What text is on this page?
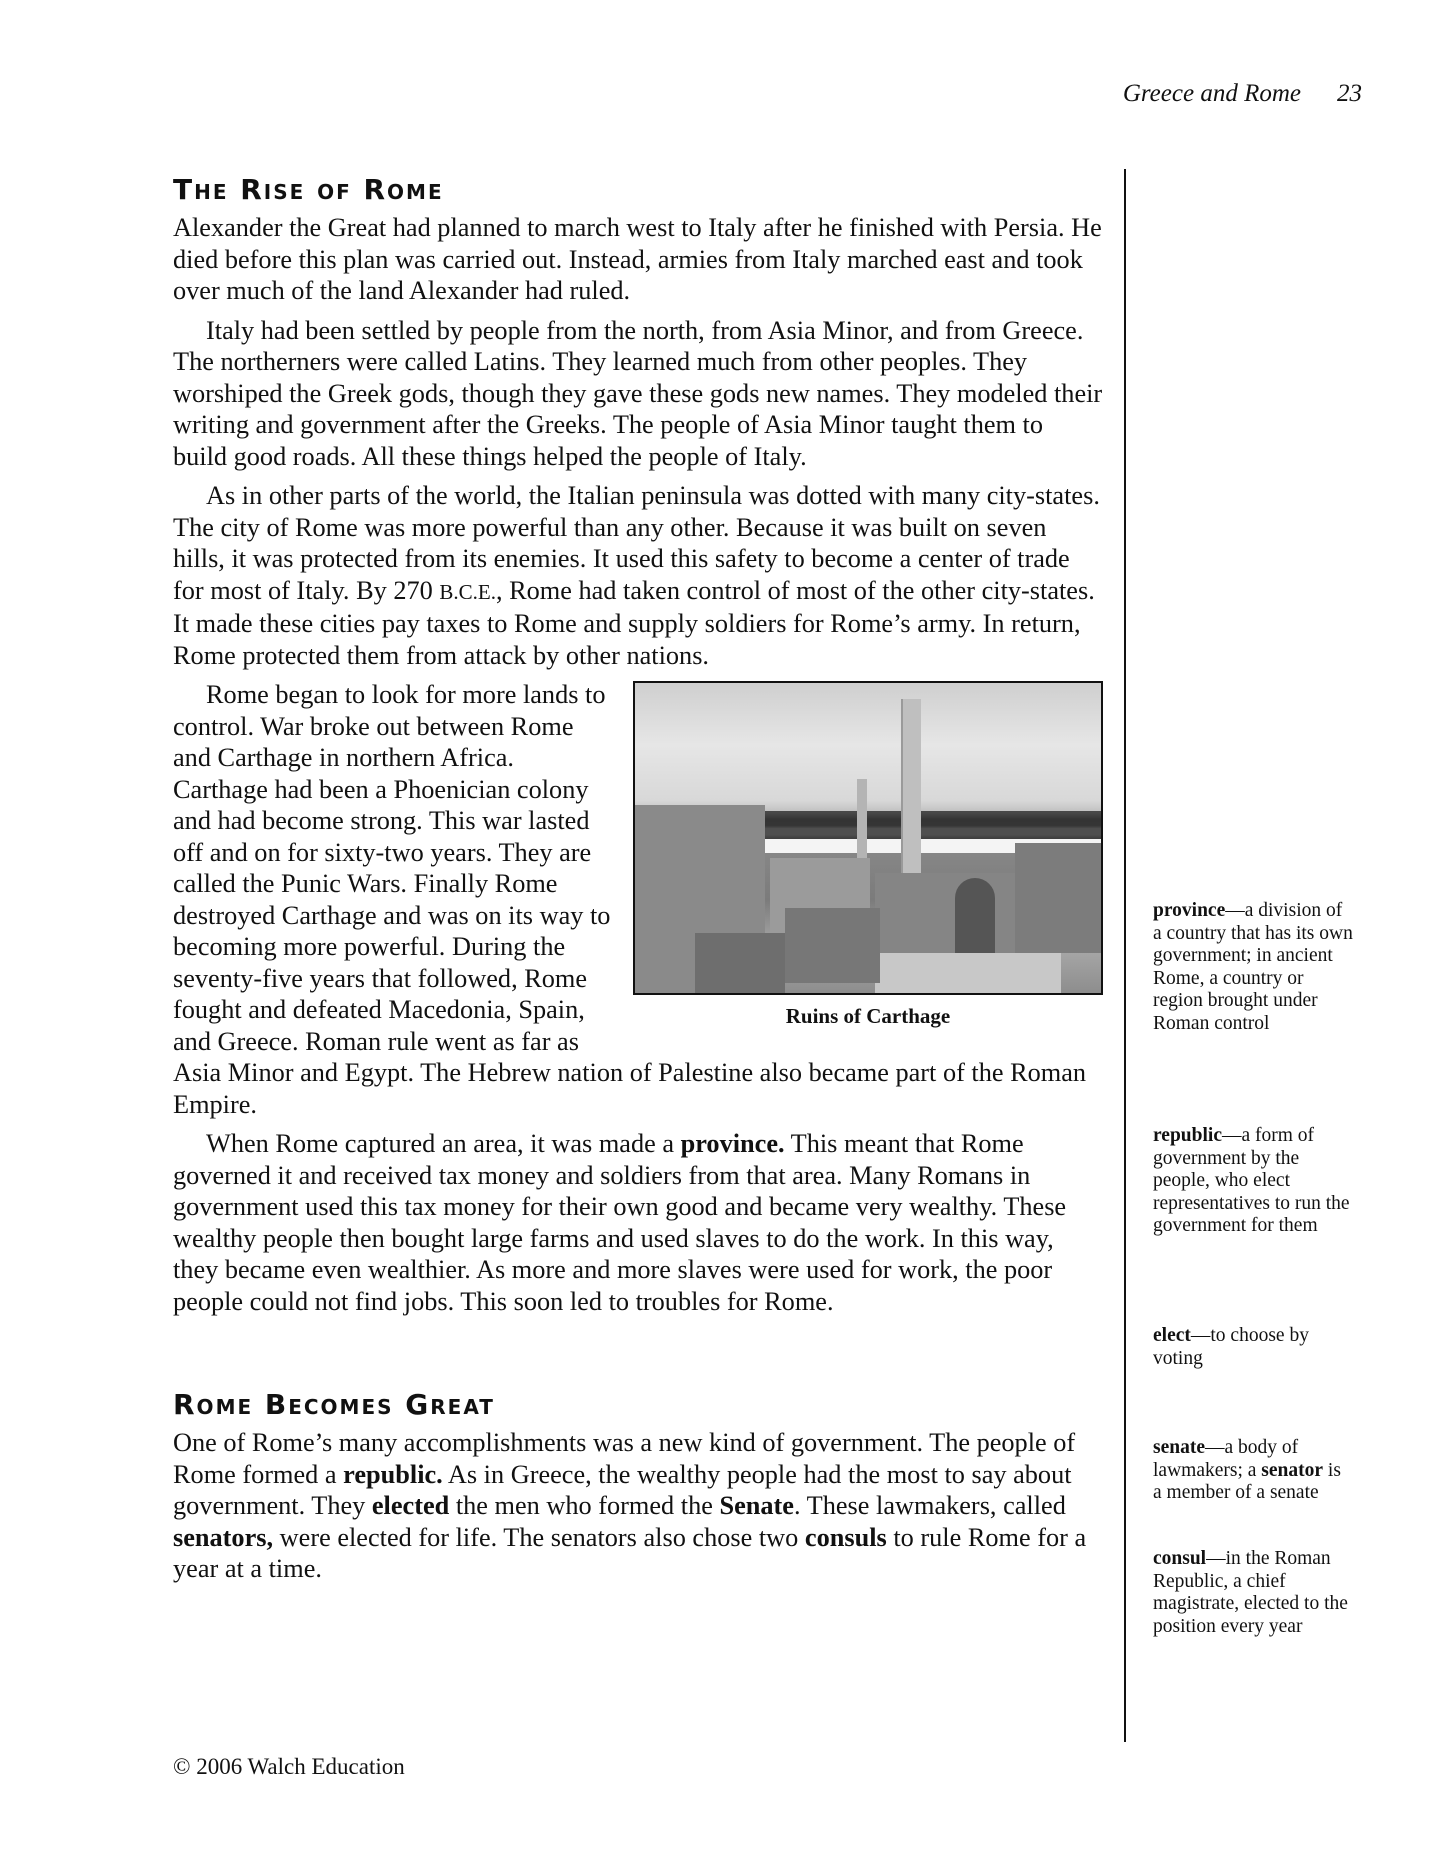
Greece and Rome 23
The Rise of Rome

Alexander the Great had planned to march west to Italy after he finished with Persia. He died before this plan was carried out. Instead, armies from Italy marched east and took over much of the land Alexander had ruled.

Italy had been settled by people from the north, from Asia Minor, and from Greece. The northerners were called Latins. They learned much from other peoples. They worshiped the Greek gods, though they gave these gods new names. They modeled their writing and government after the Greeks. The people of Asia Minor taught them to build good roads. All these things helped the people of Italy.

As in other parts of the world, the Italian peninsula was dotted with many city-states. The city of Rome was more powerful than any other. Because it was built on seven hills, it was protected from its enemies. It used this safety to become a center of trade for most of Italy. By 270 B.C.E., Rome had taken control of most of the other city-states. It made these cities pay taxes to Rome and supply soldiers for Rome’s army. In return, Rome protected them from attack by other nations.

Ruins of Carthage

Rome began to look for more lands to control. War broke out between Rome and Carthage in northern Africa. Carthage had been a Phoenician colony and had become strong. This war lasted off and on for sixty-two years. They are called the Punic Wars. Finally Rome destroyed Carthage and was on its way to becoming more powerful. During the seventy-five years that followed, Rome fought and defeated Macedonia, Spain, and Greece. Roman rule went as far as Asia Minor and Egypt. The Hebrew nation of Palestine also became part of the Roman Empire.

When Rome captured an area, it was made a province. This meant that Rome governed it and received tax money and soldiers from that area. Many Romans in government used this tax money for their own good and became very wealthy. These wealthy people then bought large farms and used slaves to do the work. In this way, they became even wealthier. As more and more slaves were used for work, the poor people could not find jobs. This soon led to troubles for Rome.

Rome Becomes Great

One of Rome’s many accomplishments was a new kind of government. The people of Rome formed a republic. As in Greece, the wealthy people had the most to say about government. They elected the men who formed the Senate. These lawmakers, called senators, were elected for life. The senators also chose two consuls to rule Rome for a year at a time.

province—a division of a country that has its own government; in ancient Rome, a country or region brought under Roman control
republic—a form of government by the people, who elect representatives to run the government for them
elect—to choose by voting
senate—a body of lawmakers; a senator is a member of a senate
consul—in the Roman Republic, a chief magistrate, elected to the position every year
© 2006 Walch Education
